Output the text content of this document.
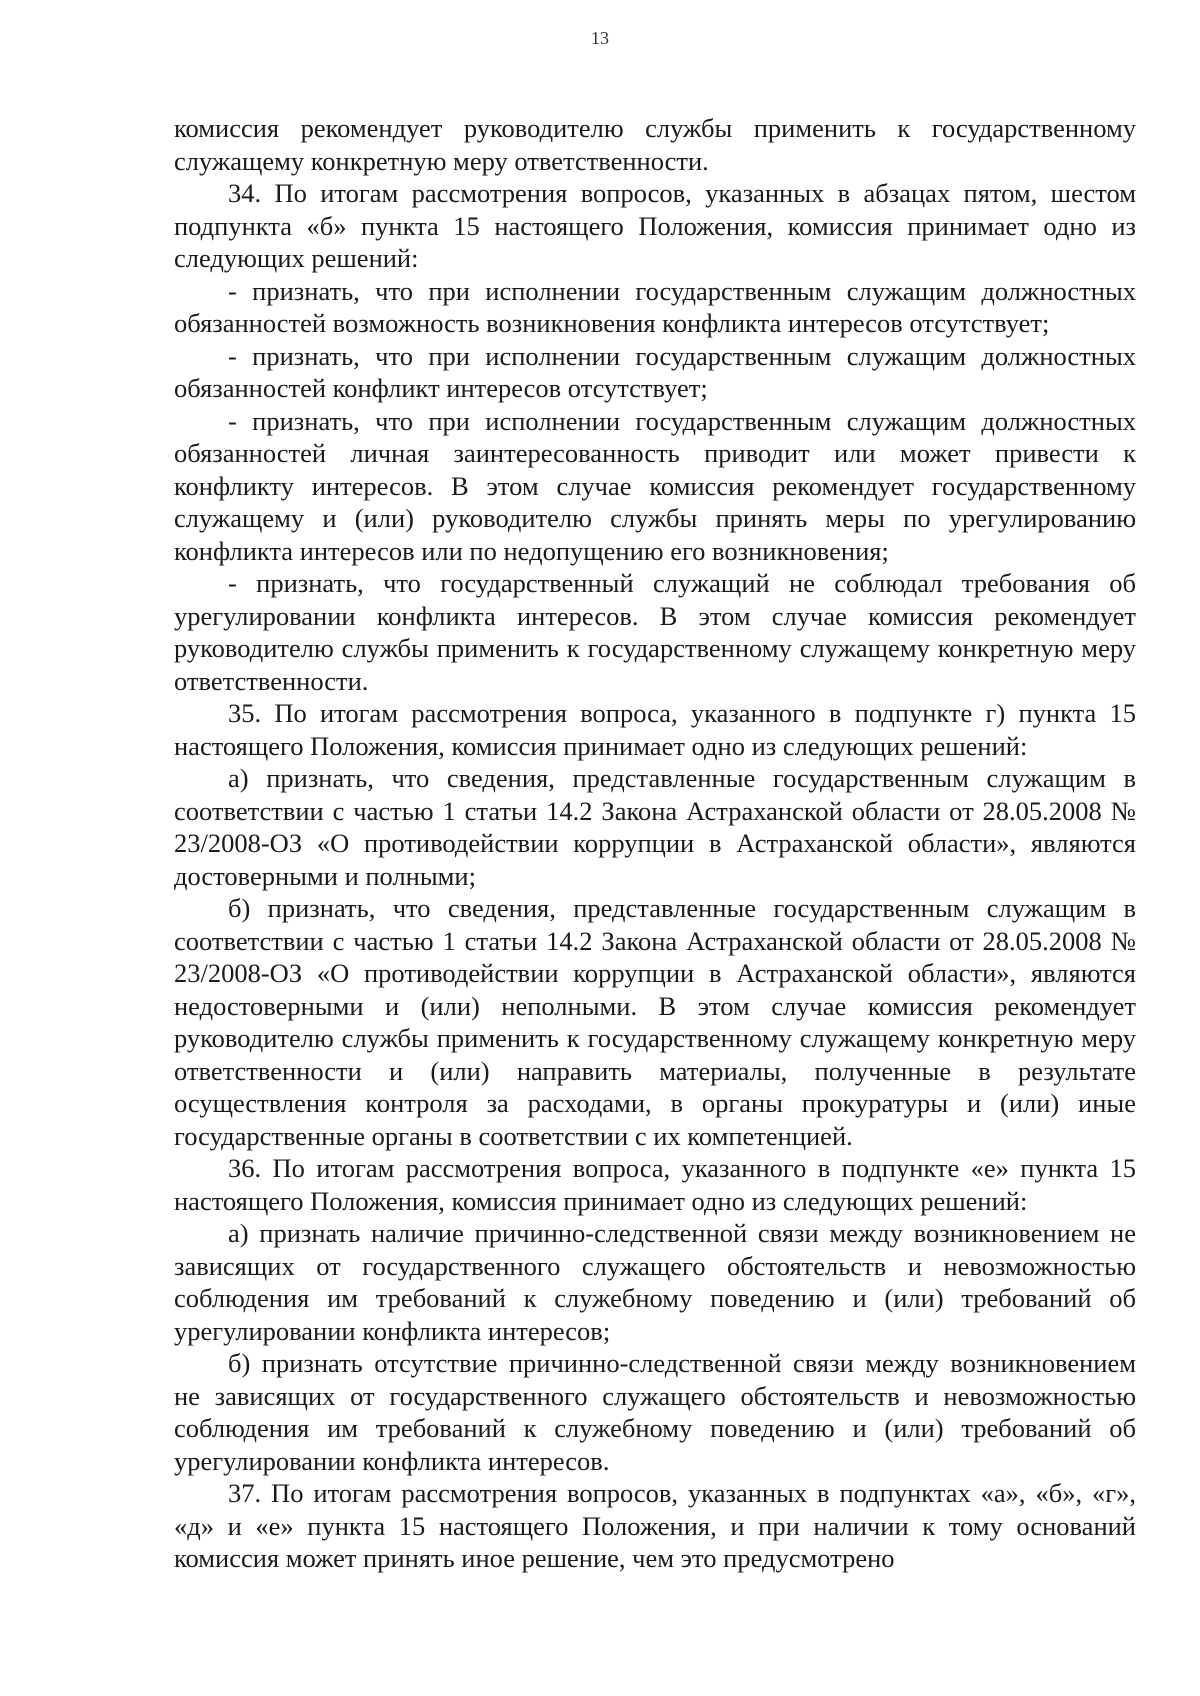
13

комиссия рекомендует руководителю службы применить к государственному служащему конкретную меру ответственности.

34. По итогам рассмотрения вопросов, указанных в абзацах пятом, шестом подпункта «б» пункта 15 настоящего Положения, комиссия принимает одно из следующих решений:

- признать, что при исполнении государственным служащим должностных обязанностей возможность возникновения конфликта интересов отсутствует;

- признать, что при исполнении государственным служащим должностных обязанностей конфликт интересов отсутствует;

- признать, что при исполнении государственным служащим должностных обязанностей личная заинтересованность приводит или может привести к конфликту интересов. В этом случае комиссия рекомендует государственному служащему и (или) руководителю службы принять меры по урегулированию конфликта интересов или по недопущению его возникновения;

- признать, что государственный служащий не соблюдал требования об урегулировании конфликта интересов. В этом случае комиссия рекомендует руководителю службы применить к государственному служащему конкретную меру ответственности.

35. По итогам рассмотрения вопроса, указанного в подпункте г) пункта 15 настоящего Положения, комиссия принимает одно из следующих решений:

а) признать, что сведения, представленные государственным служащим в соответствии с частью 1 статьи 14.2 Закона Астраханской области от 28.05.2008 № 23/2008-ОЗ «О противодействии коррупции в Астраханской области», являются достоверными и полными;

б) признать, что сведения, представленные государственным служащим в соответствии с частью 1 статьи 14.2 Закона Астраханской области от 28.05.2008 № 23/2008-ОЗ «О противодействии коррупции в Астраханской области», являются недостоверными и (или) неполными. В этом случае комиссия рекомендует руководителю службы применить к государственному служащему конкретную меру ответственности и (или) направить материалы, полученные в результате осуществления контроля за расходами, в органы прокуратуры и (или) иные государственные органы в соответствии с их компетенцией.

36. По итогам рассмотрения вопроса, указанного в подпункте «е» пункта 15 настоящего Положения, комиссия принимает одно из следующих решений:

а) признать наличие причинно-следственной связи между возникновением не зависящих от государственного служащего обстоятельств и невозможностью соблюдения им требований к служебному поведению и (или) требований об урегулировании конфликта интересов;

б) признать отсутствие причинно-следственной связи между возникновением не зависящих от государственного служащего обстоятельств и невозможностью соблюдения им требований к служебному поведению и (или) требований об урегулировании конфликта интересов.

37. По итогам рассмотрения вопросов, указанных в подпунктах «а», «б», «г», «д» и «е» пункта 15 настоящего Положения, и при наличии к тому оснований комиссия может принять иное решение, чем это предусмотрено
